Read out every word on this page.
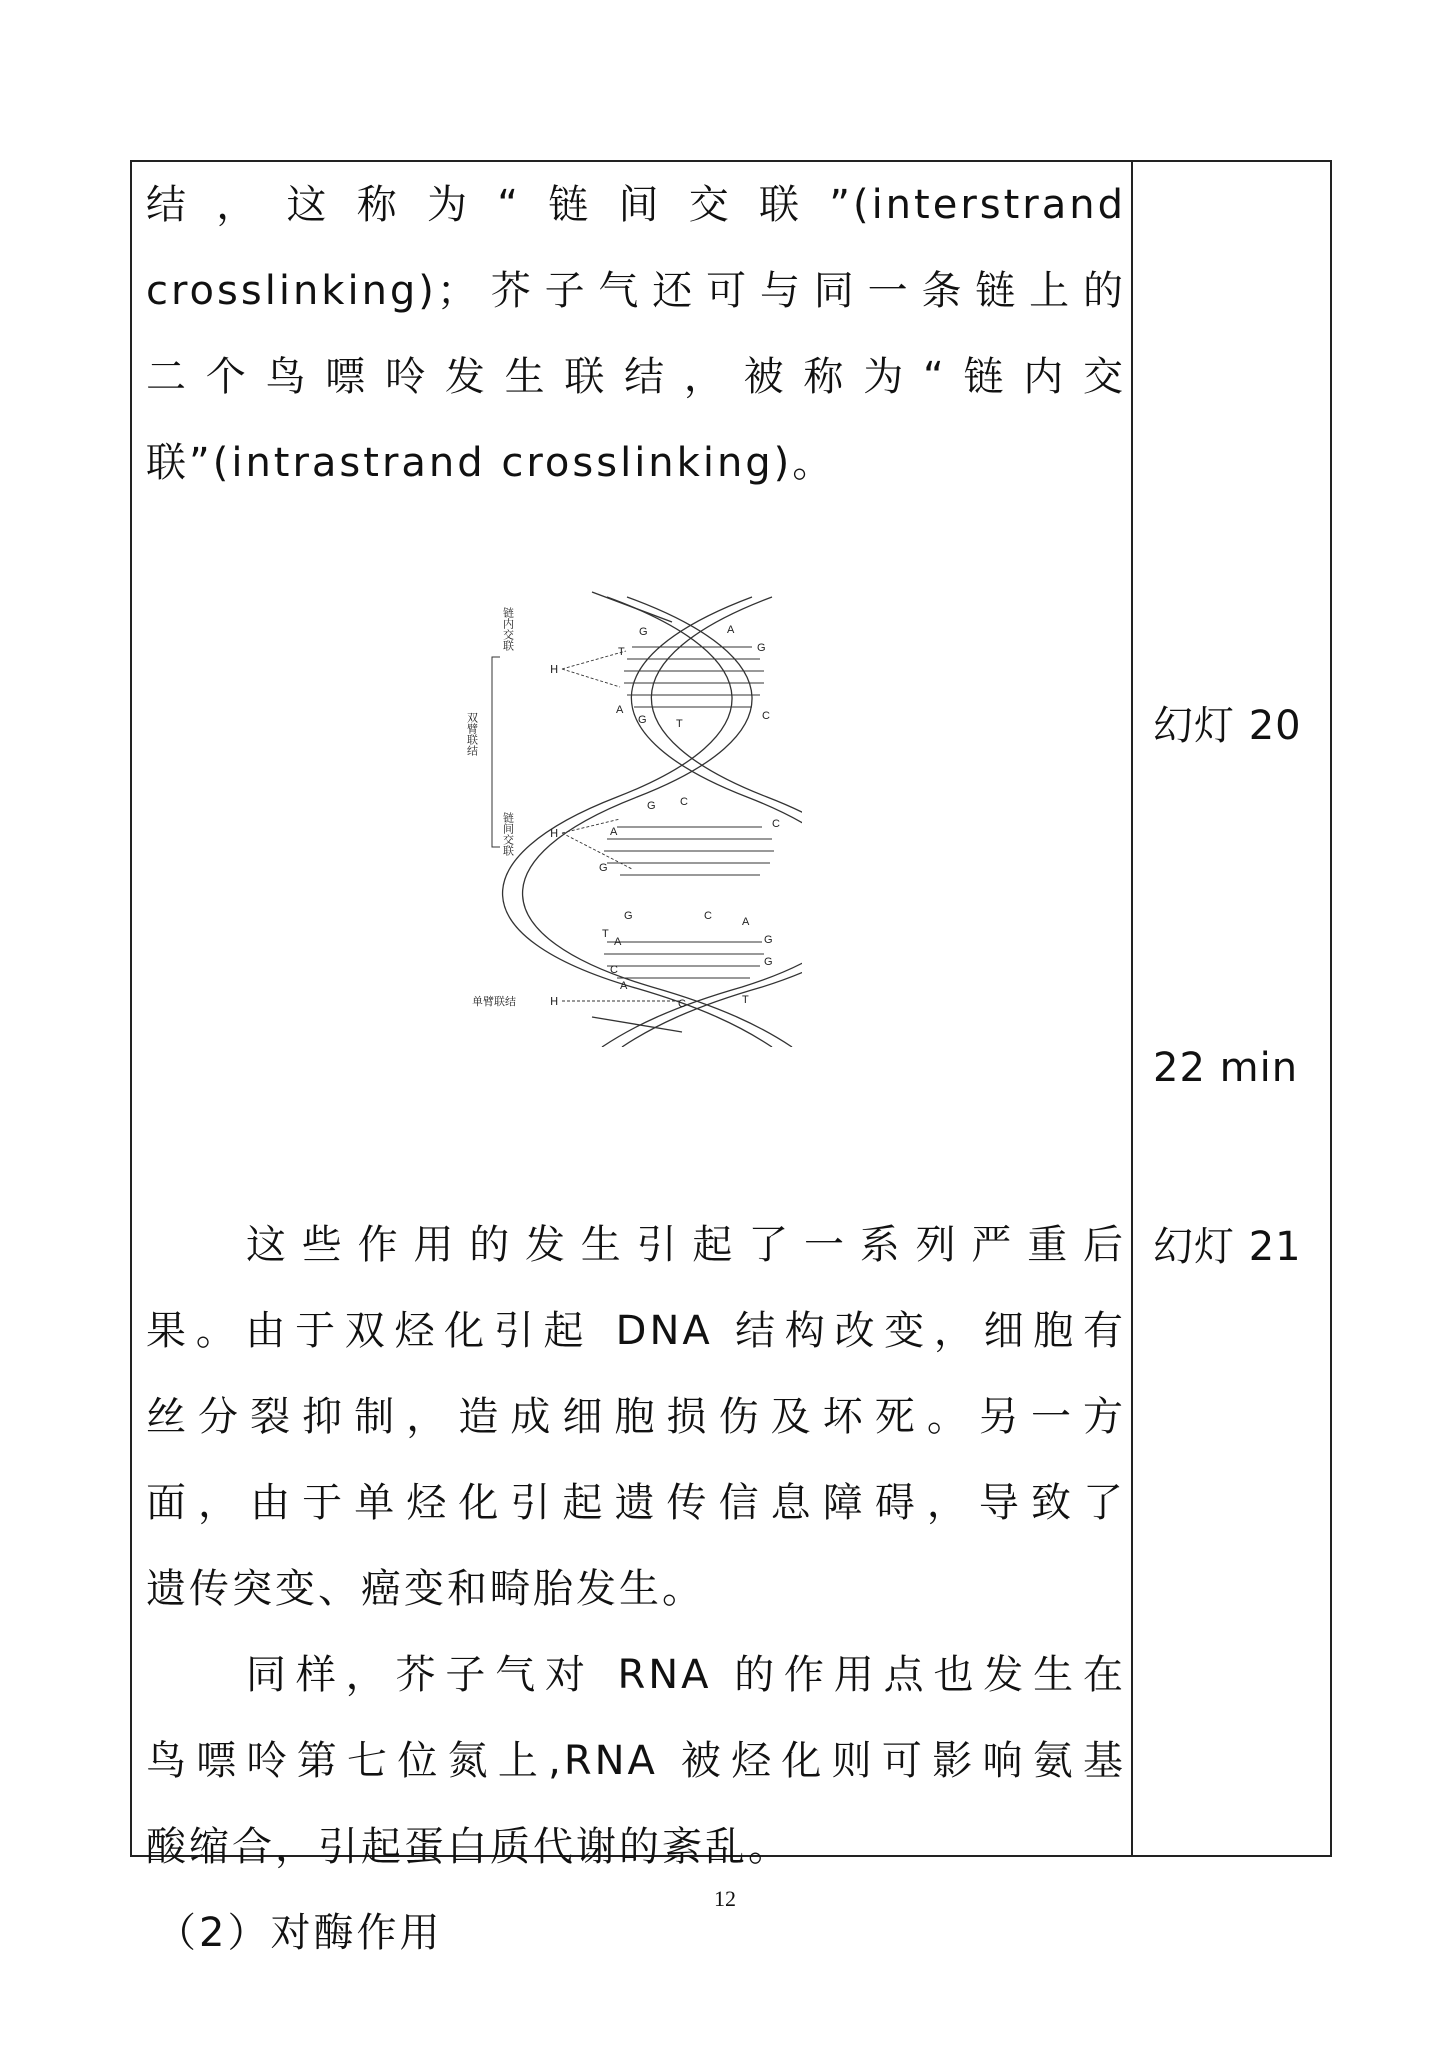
结，这称为“链间交联”(interstrand
crosslinking)；芥子气还可与同一条链上的
二个鸟嘌呤发生联结，被称为“链内交

联”(intrastrand crosslinking)。

这些作用的发生引起了一系列严重后
果。由于双烃化引起 DNA 结构改变，细胞有
丝分裂抑制，造成细胞损伤及坏死。另一方
面，由于单烃化引起遗传信息障碍，导致了

遗传突变、癌变和畸胎发生。

同样，芥子气对 RNA 的作用点也发生在
鸟嘌呤第七位氮上,RNA 被烃化则可影响氨基

酸缩合，引起蛋白质代谢的紊乱。

（2）对酶作用

G
T
A
G
A
G	T
C
G C
A
C
G
G	C	A
T
A	G
C
A
G
C	T
链内交联
双臂联结
链间交联
单臂联结
H
H
H
幻灯 20
22 min
幻灯 21
12
